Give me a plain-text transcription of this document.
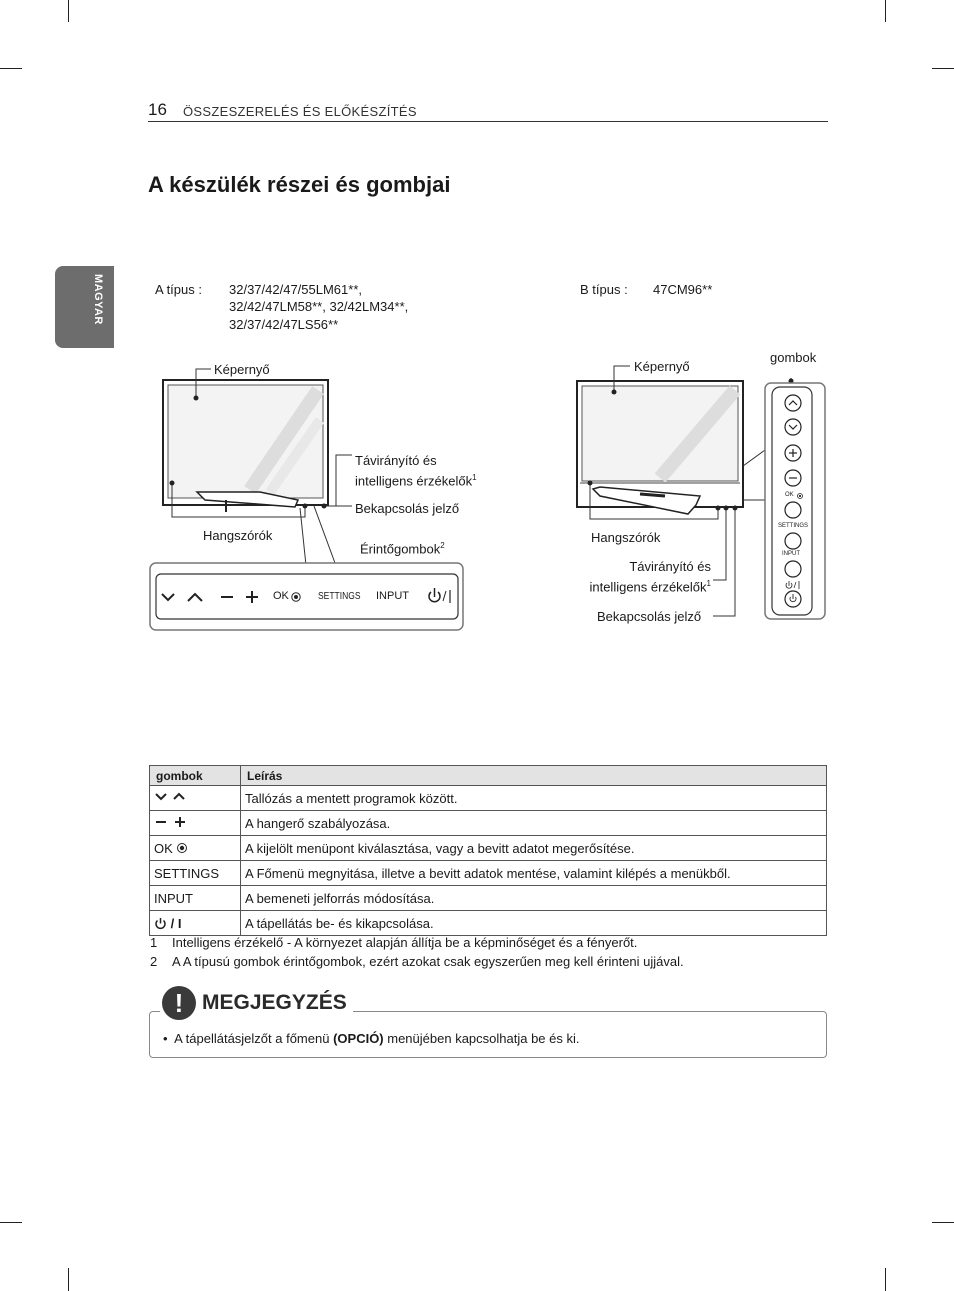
16 ÖSSZESZERELÉS ÉS ELŐKÉSZÍTÉS
MAGYAR
A készülék részei és gombjai
A típus : 32/37/42/47/55LM61**,
32/42/47LM58**, 32/42LM34**,
32/37/42/47LS56**
B típus : 47CM96**
Képernyő
Távirányító és
intelligens érzékelők$^1$
Bekapcsolás jelző
Hangszórók
Érintőgombok$^2$
OK	SETTINGS INPUT
Képernyő
gombok
Hangszórók
Távirányító és
intelligens érzékelők$^1$
Bekapcsolás jelző
OK
SETTINGS
INPUT
gombok	Leírás
	Tallózás a mentett programok között.
	A hangerő szabályozása.
OK	A kijelölt menüpont kiválasztása, vagy a bevitt adatot megerősítése.
SETTINGS	A Főmenü megnyitása, illetve a bevitt adatok mentése, valamint kilépés a menükből.
INPUT	A bemeneti jelforrás módosítása.
/ I	A tápellátás be- és kikapcsolása.
1 Intelligens érzékelő - A környezet alapján állítja be a képminőséget és a fényerőt.
2 A A típusú gombok érintőgombok, ezért azokat csak egyszerűen meg kell érinteni ujjával.
! MEGJEGYZÉS
• A tápellátásjelzőt a főmenü (OPCIÓ) menüjében kapcsolhatja be és ki.
